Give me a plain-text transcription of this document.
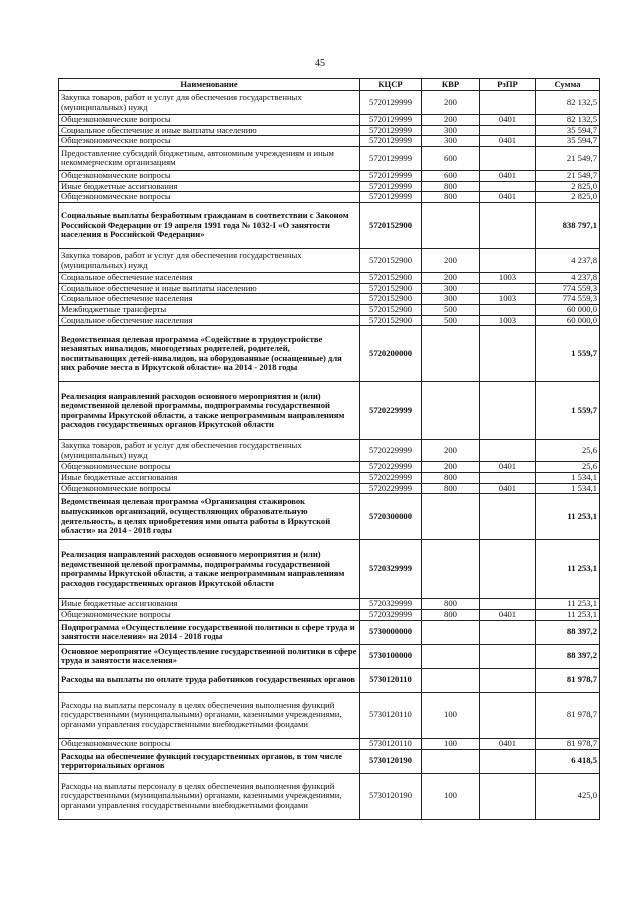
45
Наименование	КЦСР	КВР	РзПР	Сумма
Закупка товаров, работ и услуг для обеспечения государственных (муниципальных) нужд	5720129999	200		82 132,5
Общеэкономические вопросы	5720129999	200	0401	82 132,5
Социальное обеспечение и иные выплаты населению	5720129999	300		35 594,7
Общеэкономические вопросы	5720129999	300	0401	35 594,7
Предоставление субсидий бюджетным, автономным учреждениям и иным некоммерческим организациям	5720129999	600		21 549,7
Общеэкономические вопросы	5720129999	600	0401	21 549,7
Иные бюджетные ассигнования	5720129999	800		2 825,0
Общеэкономические вопросы	5720129999	800	0401	2 825,0
Социальные выплаты безработным гражданам в соответствии с Законом Российской Федерации от 19 апреля 1991 года № 1032-I «О занятости населения в Российской Федерации»	5720152900			838 797,1
Закупка товаров, работ и услуг для обеспечения государственных (муниципальных) нужд	5720152900	200		4 237,8
Социальное обеспечение населения	5720152900	200	1003	4 237,8
Социальное обеспечение и иные выплаты населению	5720152900	300		774 559,3
Социальное обеспечение населения	5720152900	300	1003	774 559,3
Межбюджетные трансферты	5720152900	500		60 000,0
Социальное обеспечение населения	5720152900	500	1003	60 000,0
Ведомственная целевая программа «Содействие в трудоустройстве незанятых инвалидов, многодетных родителей, родителей, воспитывающих детей-инвалидов, на оборудованные (оснащенные) для них рабочие места в Иркутской области» на 2014 - 2018 годы	5720200000			1 559,7
Реализация направлений расходов основного мероприятия и (или) ведомственной целевой программы, подпрограммы государственной программы Иркутской области, а также непрограммным направлениям расходов государственных органов Иркутской области	5720229999			1 559,7
Закупка товаров, работ и услуг для обеспечения государственных (муниципальных) нужд	5720229999	200		25,6
Общеэкономические вопросы	5720229999	200	0401	25,6
Иные бюджетные ассигнования	5720229999	800		1 534,1
Общеэкономические вопросы	5720229999	800	0401	1 534,1
Ведомственная целевая программа «Организация стажировок выпускников организаций, осуществляющих образовательную деятельность, в целях приобретения ими опыта работы в Иркутской области» на 2014 - 2018 годы	5720300000			11 253,1
Реализация направлений расходов основного мероприятия и (или) ведомственной целевой программы, подпрограммы государственной программы Иркутской области, а также непрограммным направлениям расходов государственных органов Иркутской области	5720329999			11 253,1
Иные бюджетные ассигнования	5720329999	800		11 253,1
Общеэкономические вопросы	5720329999	800	0401	11 253,1
Подпрограмма «Осуществление государственной политики в сфере труда и занятости населения» на 2014 - 2018 годы	5730000000			88 397,2
Основное мероприятие «Осуществление государственной политики в сфере труда и занятости населения»	5730100000			88 397,2
Расходы на выплаты по оплате труда работников государственных органов	5730120110			81 978,7
Расходы на выплаты персоналу в целях обеспечения выполнения функций государственными (муниципальными) органами, казенными учреждениями, органами управления государственными внебюджетными фондами	5730120110	100		81 978,7
Общеэкономические вопросы	5730120110	100	0401	81 978,7
Расходы на обеспечение функций государственных органов, в том числе территориальных органов	5730120190			6 418,5
Расходы на выплаты персоналу в целях обеспечения выполнения функций государственными (муниципальными) органами, казенными учреждениями, органами управления государственными внебюджетными фондами	5730120190	100		425,0
